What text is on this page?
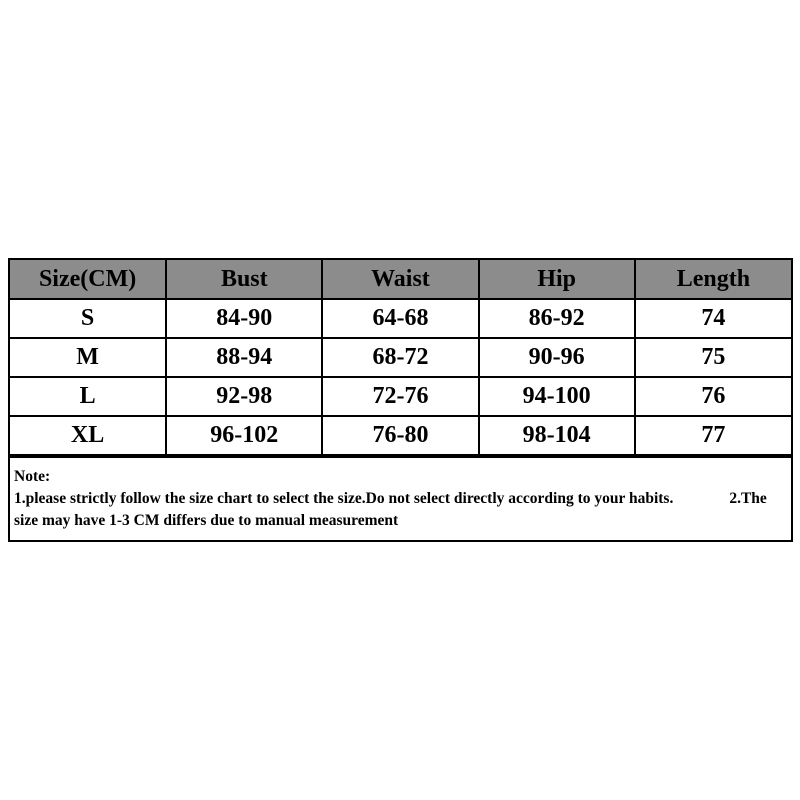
Size(CM)	Bust	Waist	Hip	Length
S	84-90	64-68	86-92	74
M	88-94	68-72	90-96	75
L	92-98	72-76	94-100	76
XL	96-102	76-80	98-104	77
Note:
1.please strictly follow the size chart to select the size.Do not select directly according to your habits.	2.The size may have 1-3 CM differs due to manual measurement
